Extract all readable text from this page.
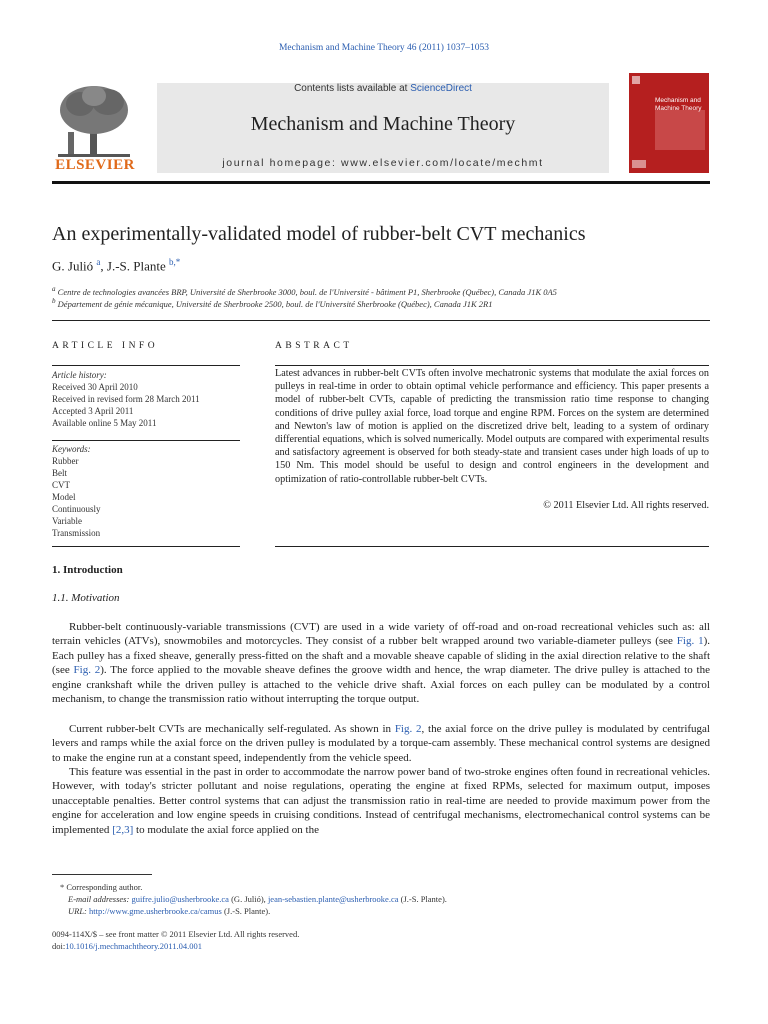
Mechanism and Machine Theory 46 (2011) 1037–1053
ELSEVIER
Contents lists available at ScienceDirect
Mechanism and Machine Theory
journal homepage: www.elsevier.com/locate/mechmt
Mechanism and Machine Theory
An experimentally-validated model of rubber-belt CVT mechanics
G. Julió $^a$, J.-S. Plante $^{b,*}$
$^a$ Centre de technologies avancées BRP, Université de Sherbrooke 3000, boul. de l'Université - bâtiment P1, Sherbrooke (Québec), Canada J1K 0A5
$^b$ Département de génie mécanique, Université de Sherbrooke 2500, boul. de l'Université Sherbrooke (Québec), Canada J1K 2R1
ARTICLE INFO
Article history:
Received 30 April 2010
Received in revised form 28 March 2011
Accepted 3 April 2011
Available online 5 May 2011
Keywords:
Rubber
Belt
CVT
Model
Continuously
Variable
Transmission
ABSTRACT
Latest advances in rubber-belt CVTs often involve mechatronic systems that modulate the axial forces on pulleys in real-time in order to obtain optimal vehicle performance and efficiency. This paper presents a model of rubber-belt CVTs, capable of predicting the transmission ratio time response to changing conditions of drive pulley axial force, load torque and engine RPM. Forces on the system are determined and Newton's law of motion is applied on the discretized drive belt, leading to a system of ordinary differential equations, which is solved numerically. Model outputs are compared with experimental results and satisfactory agreement is observed for both steady-state and transient cases under high loads of up to 150 Nm. This model should be useful to design and control engineers in the development and optimization of ratio-controllable rubber-belt CVTs.
© 2011 Elsevier Ltd. All rights reserved.
1. Introduction
1.1. Motivation
Rubber-belt continuously-variable transmissions (CVT) are used in a wide variety of off-road and on-road recreational vehicles such as: all terrain vehicles (ATVs), snowmobiles and motorcycles. They consist of a rubber belt wrapped around two variable-diameter pulleys (see Fig. 1). Each pulley has a fixed sheave, generally press-fitted on the shaft and a movable sheave capable of sliding in the axial direction relative to the shaft (see Fig. 2). The force applied to the movable sheave defines the groove width and hence, the wrap diameter. The drive pulley is attached to the engine crankshaft while the driven pulley is attached to the vehicle drive shaft. Axial forces on each pulley can be modulated by a control mechanism, to change the transmission ratio without interrupting the torque output.
Current rubber-belt CVTs are mechanically self-regulated. As shown in Fig. 2, the axial force on the drive pulley is modulated by centrifugal levers and ramps while the axial force on the driven pulley is modulated by a torque-cam assembly. These mechanical control systems are designed to make the engine run at a constant speed, independently from the vehicle speed.
This feature was essential in the past in order to accommodate the narrow power band of two-stroke engines often found in recreational vehicles. However, with today's stricter pollutant and noise regulations, operating the engine at fixed RPMs, selected for maximum output, imposes unacceptable penalties. Better control systems that can adjust the transmission ratio in real-time are needed to provide maximum power from the engine for acceleration and low engine speeds in cruising conditions. Instead of centrifugal mechanisms, electromechanical control systems can be implemented [2,3] to modulate the axial force applied on the
* Corresponding author.
E-mail addresses: guifre.julio@usherbrooke.ca (G. Julió), jean-sebastien.plante@usherbrooke.ca (J.-S. Plante).
URL: http://www.gme.usherbrooke.ca/camus (J.-S. Plante).
0094-114X/$ – see front matter © 2011 Elsevier Ltd. All rights reserved.
doi:10.1016/j.mechmachtheory.2011.04.001
